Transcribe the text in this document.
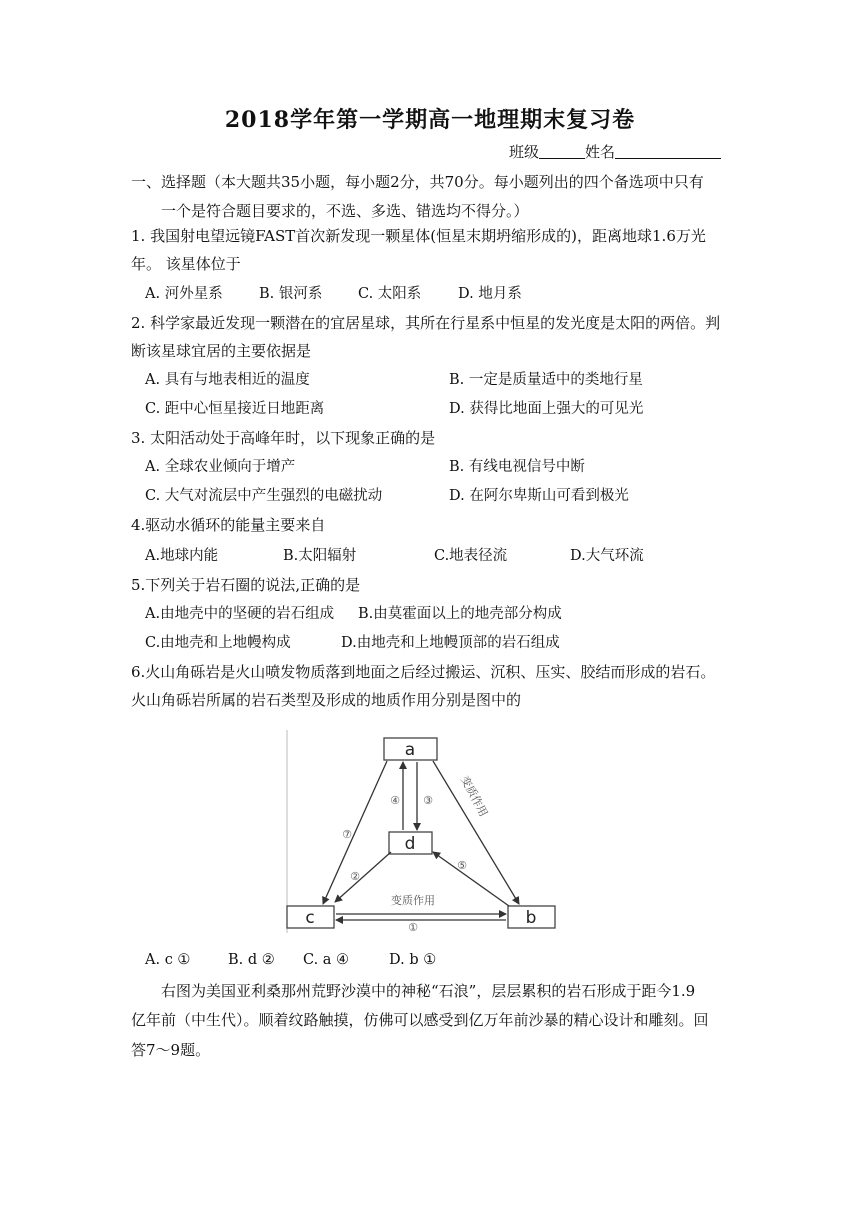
2018学年第一学期高一地理期末复习卷
班级	姓名
一、选择题（本大题共35小题，每小题2分，共70分。每小题列出的四个备选项中只有
一个是符合题目要求的，不选、多选、错选均不得分。）
1. 我国射电望远镜FAST首次新发现一颗星体(恒星末期坍缩形成的)，距离地球1.6万光
年。 该星体位于
A. 河外星系	B. 银河系 C. 太阳系	D. 地月系
2. 科学家最近发现一颗潜在的宜居星球，其所在行星系中恒星的发光度是太阳的两倍。判
断该星球宜居的主要依据是
A. 具有与地表相近的温度	B. 一定是质量适中的类地行星
C. 距中心恒星接近日地距离	D. 获得比地面上强大的可见光
3. 太阳活动处于高峰年时，以下现象正确的是
A. 全球农业倾向于增产	B. 有线电视信号中断
C. 大气对流层中产生强烈的电磁扰动	D. 在阿尔卑斯山可看到极光
4.驱动水循环的能量主要来自
A.地球内能	B.太阳辐射	C.地表径流	D.大气环流
5.下列关于岩石圈的说法,正确的是
A.由地壳中的坚硬的岩石组成 B.由莫霍面以上的地壳部分构成
C.由地壳和上地幔构成	D.由地壳和上地幔顶部的岩石组成
6.火山角砾岩是火山喷发物质落到地面之后经过搬运、沉积、压实、胶结而形成的岩石。
火山角砾岩所属的岩石类型及形成的地质作用分别是图中的
a
d
c	b
变质作用
变质作用
①
②
③
④
⑤
⑦
A. c ①	B. d ② C. a ④	D. b ①
右图为美国亚利桑那州荒野沙漠中的神秘“石浪”，层层累积的岩石形成于距今1.9
亿年前（中生代）。顺着纹路触摸，仿佛可以感受到亿万年前沙暴的精心设计和雕刻。回
答7～9题。
